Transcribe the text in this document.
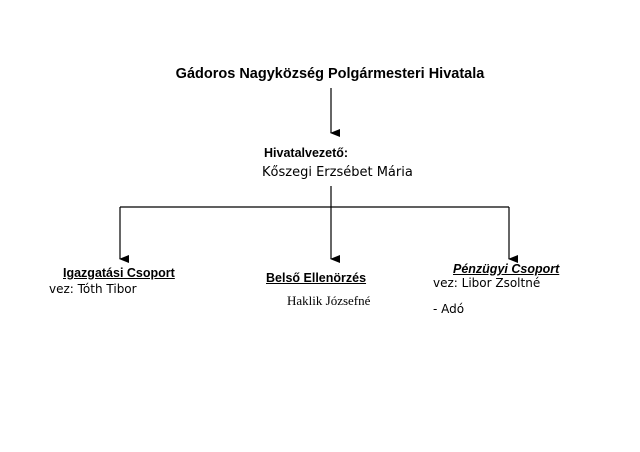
Gádoros Nagyközség Polgármesteri Hivatala
Hivatalvezető:
Kőszegi Erzsébet Mária
Igazgatási Csoport
vez: Tóth Tibor
Belső Ellenörzés
Haklik Józsefné
Pénzügyi Csoport
vez: Libor Zsoltné
- Adó
